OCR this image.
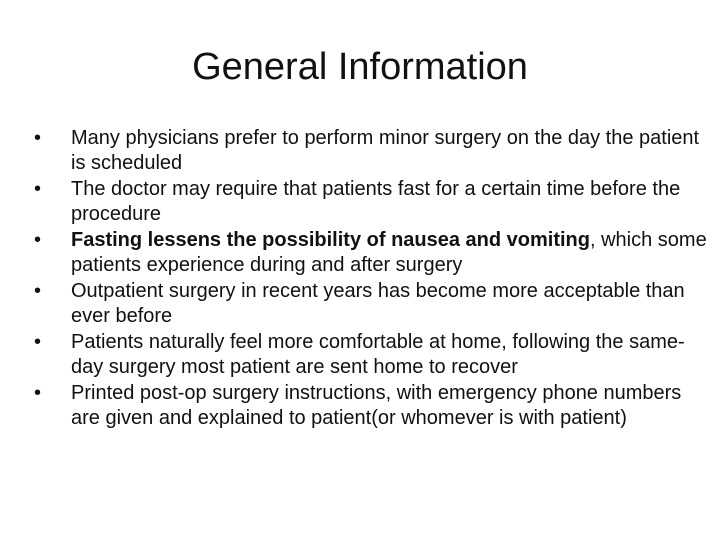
General Information
•	Many physicians prefer to perform minor surgery on the day the patient is scheduled
•	The doctor may require that patients fast for a certain time before the procedure
•	Fasting lessens the possibility of nausea and vomiting, which some patients experience during and after surgery
•	Outpatient surgery in recent years has become more acceptable than ever before
•	Patients naturally feel more comfortable at home, following the same-day surgery most patient are sent home to recover
•	Printed post-op surgery instructions, with emergency phone numbers are given and explained to patient(or whomever is with patient)
